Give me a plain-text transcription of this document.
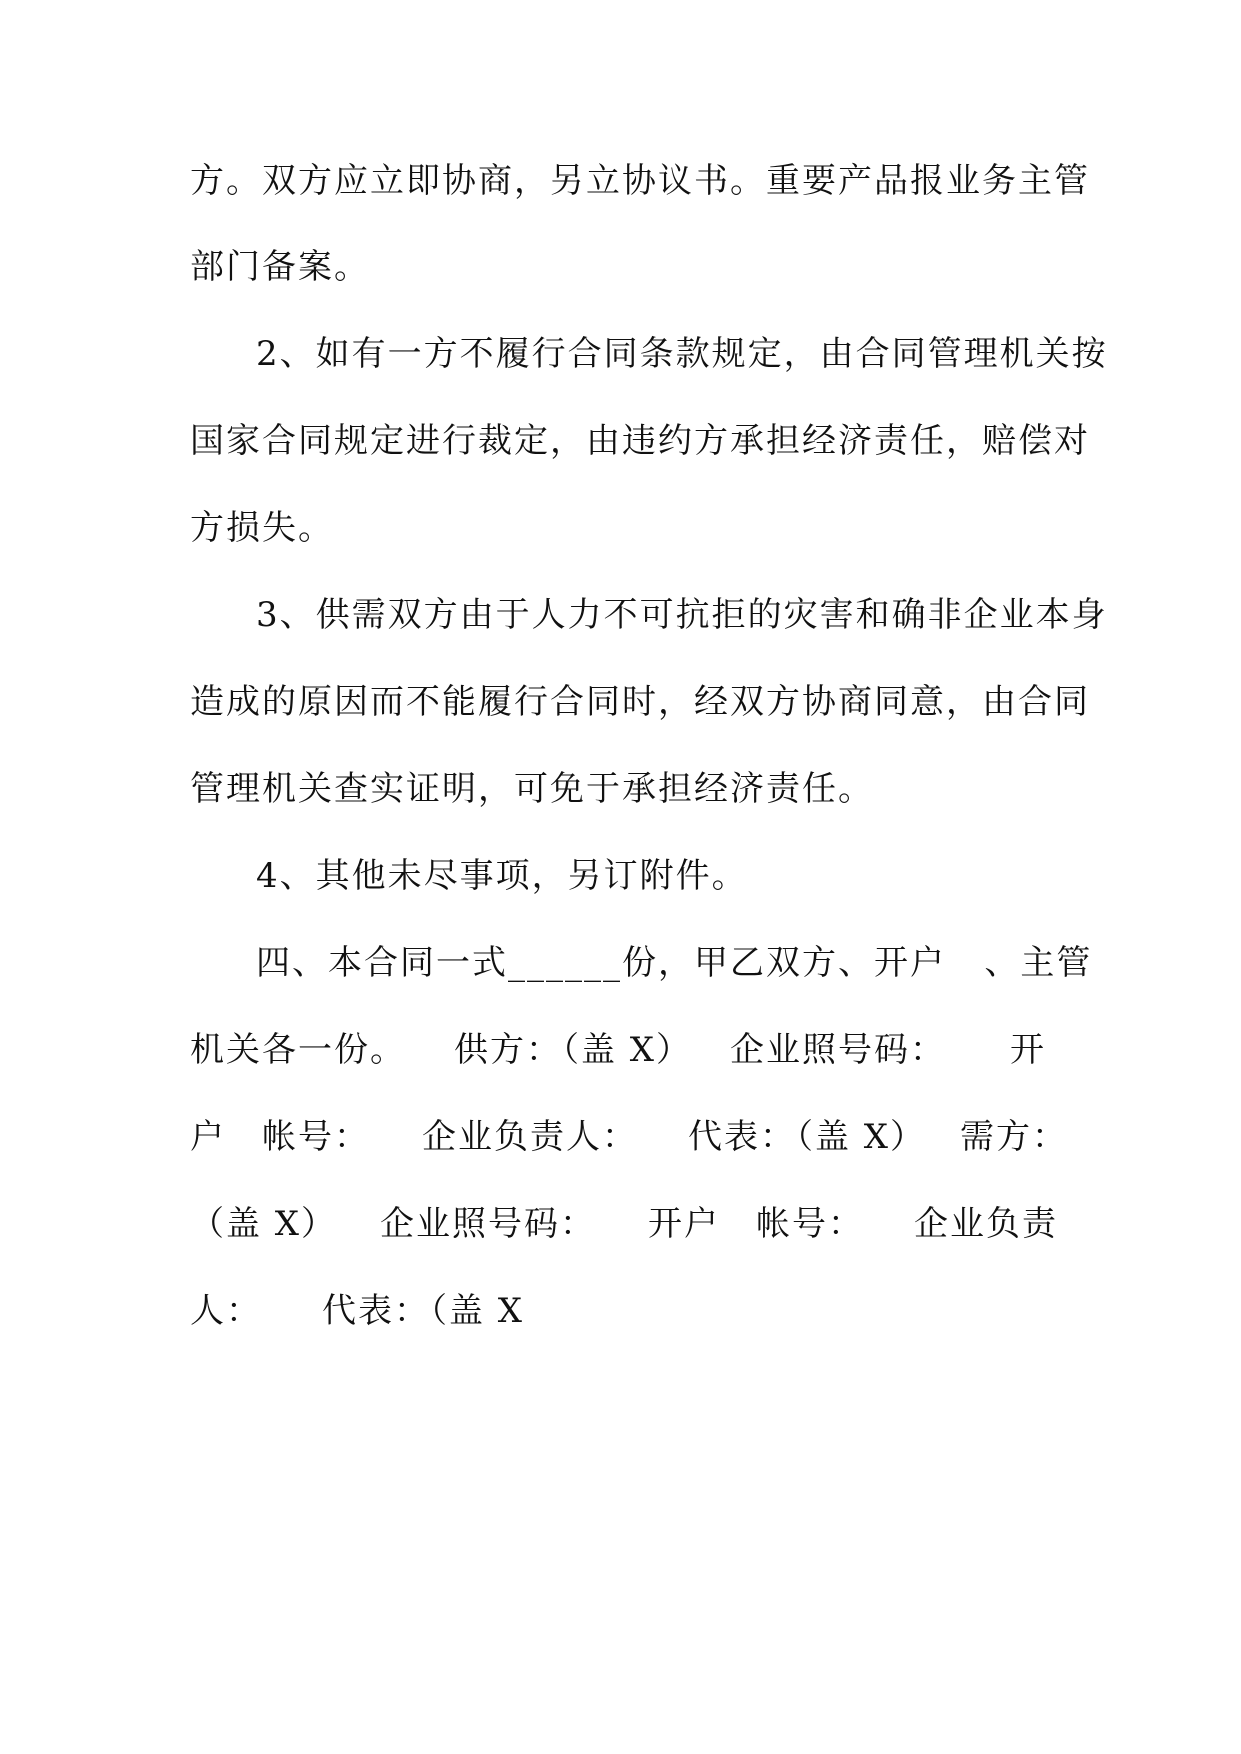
方。双方应立即协商，另立协议书。重要产品报业务主管
部门备案。
2、如有一方不履行合同条款规定，由合同管理机关按
国家合同规定进行裁定，由违约方承担经济责任，赔偿对
方损失。
3、供需双方由于人力不可抗拒的灾害和确非企业本身
造成的原因而不能履行合同时，经双方协商同意，由合同
管理机关查实证明，可免于承担经济责任。
4、其他未尽事项，另订附件。
四、本合同一式______份，甲乙双方、开户   、主管

机关各一份。

供方：（盖 X）

企业照号码：

开

户　帐号：

企业负责人：

代表：（盖 X）

需方：

（盖 X）

企业照号码：

开户　帐号：

企业负责

人：

代表：（盖 X
